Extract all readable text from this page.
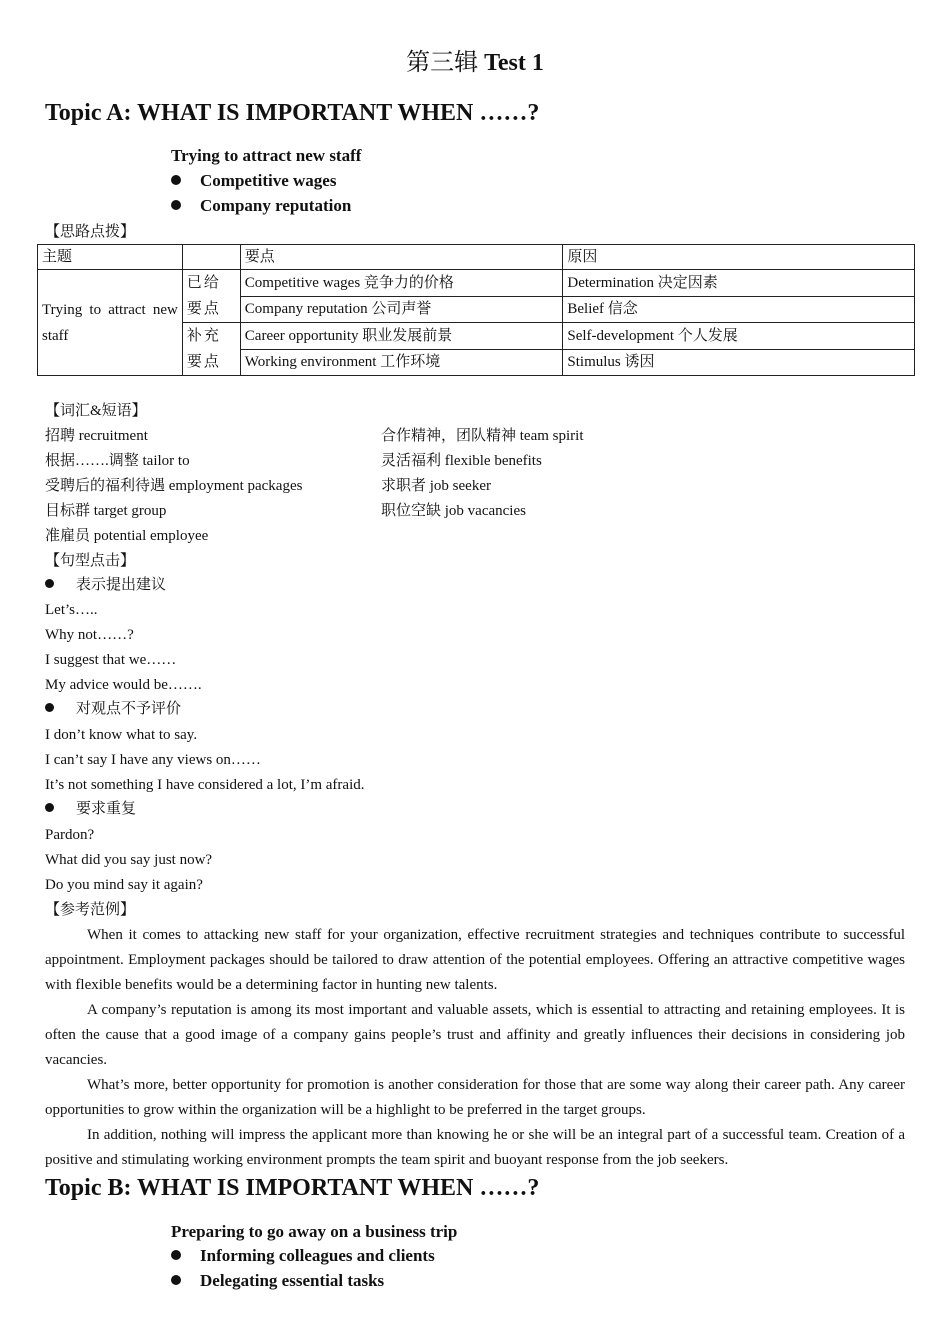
第三辑 Test 1
Topic A: WHAT IS IMPORTANT WHEN ……?
Trying to attract new staff
Competitive wages
Company reputation
【思路点拨】
主题		要点	原因
Trying to attract new staff	已给要点	Competitive wages 竞争力的价格	Determination 决定因素
		Company reputation 公司声誉	Belief 信念
	补充要点	Career opportunity 职业发展前景	Self-development 个人发展
		Working environment 工作环境	Stimulus 诱因
【词汇&短语】
招聘 recruitment
根据…….调整 tailor to
受聘后的福利待遇 employment packages
目标群 target group
准雇员 potential employee
合作精神，团队精神 team spirit
灵活福利 flexible benefits
求职者 job seeker
职位空缺 job vacancies
【句型点击】
表示提出建议
Let’s…..
Why not……?
I suggest that we……
My advice would be…….
对观点不予评价
I don’t know what to say.
I can’t say I have any views on……
It’s not something I have considered a lot, I’m afraid.
要求重复
Pardon?
What did you say just now?
Do you mind say it again?
【参考范例】

When it comes to attacking new staff for your organization, effective recruitment strategies and techniques contribute to successful appointment. Employment packages should be tailored to draw attention of the potential employees. Offering an attractive competitive wages with flexible benefits would be a determining factor in hunting new talents.

A company’s reputation is among its most important and valuable assets, which is essential to attracting and retaining employees. It is often the cause that a good image of a company gains people’s trust and affinity and greatly influences their decisions in considering job vacancies.

What’s more, better opportunity for promotion is another consideration for those that are some way along their career path. Any career opportunities to grow within the organization will be a highlight to be preferred in the target groups.

In addition, nothing will impress the applicant more than knowing he or she will be an integral part of a successful team. Creation of a positive and stimulating working environment prompts the team spirit and buoyant response from the job seekers.

Topic B: WHAT IS IMPORTANT WHEN ……?
Preparing to go away on a business trip
Informing colleagues and clients
Delegating essential tasks
